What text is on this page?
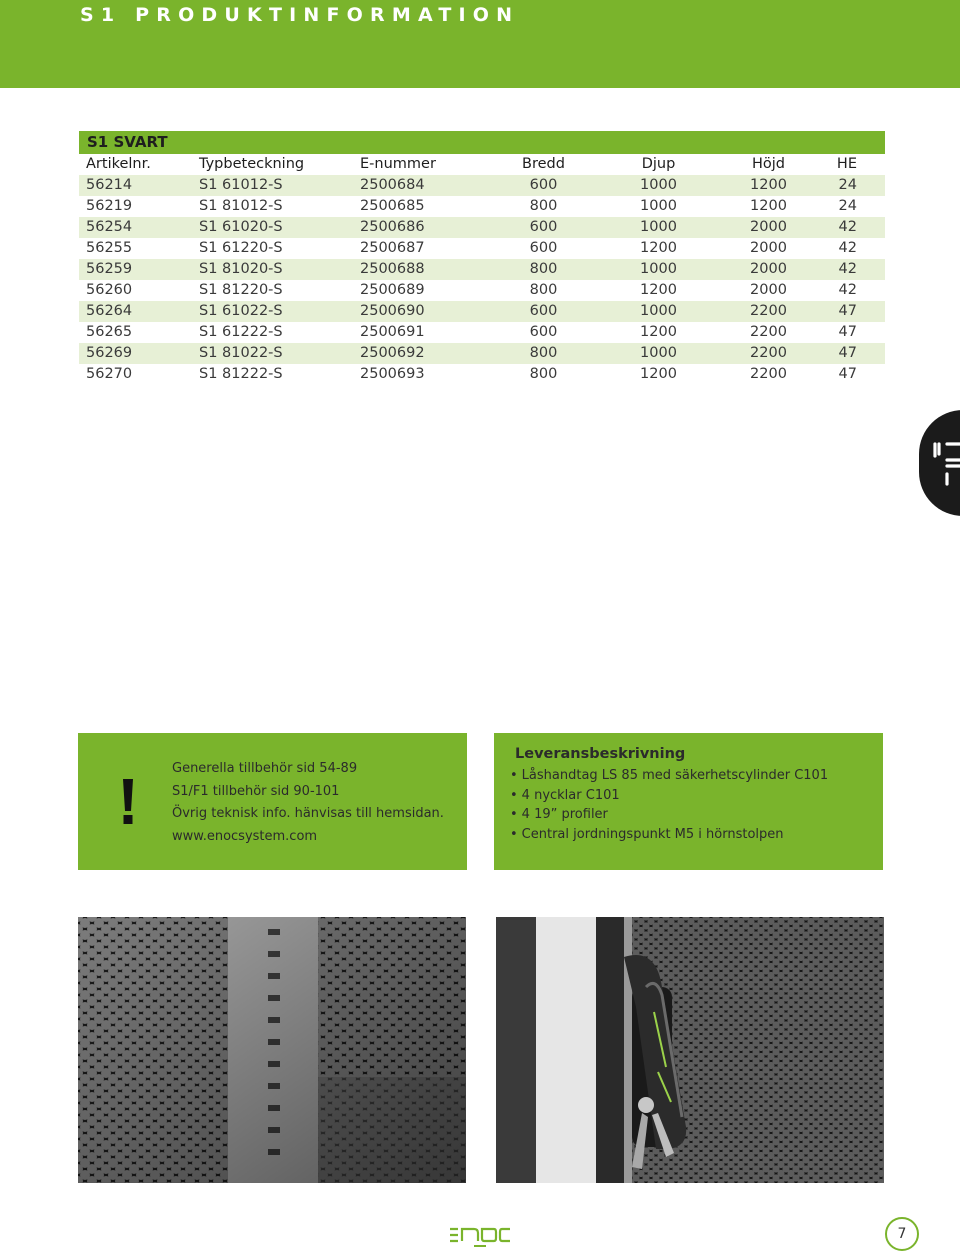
S1 PRODUKTINFORMATION
S1 SVART
Artikelnr.	Typbeteckning	E-nummer	Bredd	Djup	Höjd	HE
56214	S1 61012-S	2500684	600	1000	1200	24
56219	S1 81012-S	2500685	800	1000	1200	24
56254	S1 61020-S	2500686	600	1000	2000	42
56255	S1 61220-S	2500687	600	1200	2000	42
56259	S1 81020-S	2500688	800	1000	2000	42
56260	S1 81220-S	2500689	800	1200	2000	42
56264	S1 61022-S	2500690	600	1000	2200	47
56265	S1 61222-S	2500691	600	1200	2200	47
56269	S1 81022-S	2500692	800	1000	2200	47
56270	S1 81222-S	2500693	800	1200	2200	47
Generella tillbehör sid 54-89
S1/F1 tillbehör sid 90-101
Övrig teknisk info. hänvisas till hemsidan.
www.enocsystem.com
Leveransbeskrivning
• Låshandtag LS 85 med säkerhetscylinder C101
• 4 nycklar C101
• 4 19” profiler
• Central jordningspunkt M5 i hörnstolpen
7
